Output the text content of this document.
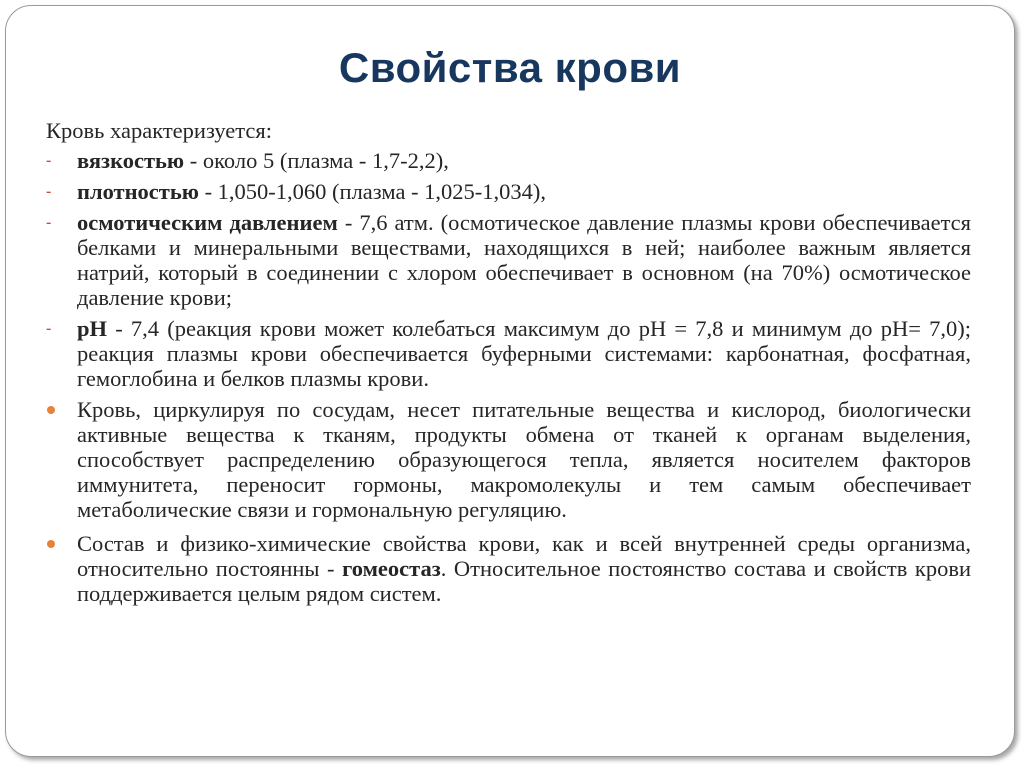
Свойства крови

Кровь характеризуется:

- вязкостью - около 5 (плазма - 1,7-2,2),
- плотностью - 1,050-1,060 (плазма - 1,025-1,034),
- осмотическим давлением - 7,6 атм. (осмотическое давление плазмы крови обеспечивается белками и минеральными веществами, находящихся в ней; наиболее важным является натрий, который в соединении с хлором обеспечивает в основном (на 70%) осмотическое давление крови;
- pH - 7,4 (реакция крови может колебаться максимум до pH = 7,8 и минимум до pH= 7,0); реакция плазмы крови обеспечивается буферными системами: карбонатная, фосфатная, гемоглобина и белков плазмы крови.
Кровь, циркулируя по сосудам, несет питательные вещества и кислород, биологически активные вещества к тканям, продукты обмена от тканей к органам выделения, способствует распределению образующегося тепла, является носителем факторов иммунитета, переносит гормоны, макромолекулы и тем самым обеспечивает метаболические связи и гормональную регуляцию.
Состав и физико-химические свойства крови, как и всей внутренней среды организма, относительно постоянны - гомеостаз. Относительное постоянство состава и свойств крови поддерживается целым рядом систем.
